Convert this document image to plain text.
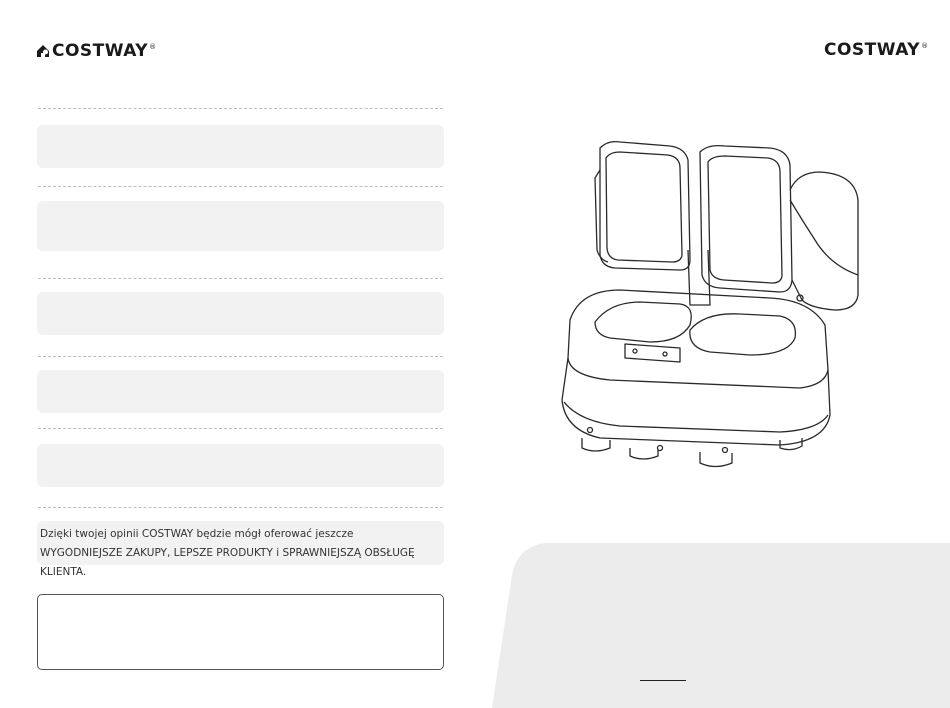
COSTWAY®	COSTWAY®

Dzięki twojej opinii COSTWAY będzie mógł oferować jeszcze WYGODNIEJSZE ZAKUPY, LEPSZE PRODUKTY i SPRAWNIEJSZĄ OBSŁUGĘ KLIENTA.
